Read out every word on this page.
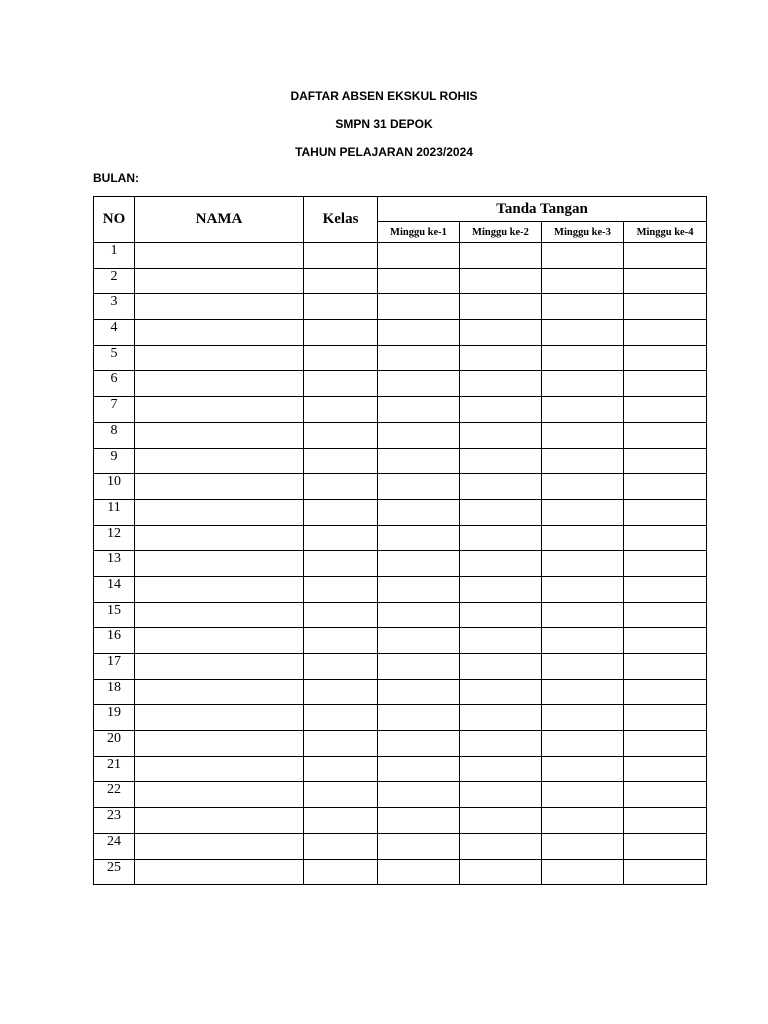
DAFTAR ABSEN EKSKUL ROHIS
SMPN 31 DEPOK
TAHUN PELAJARAN 2023/2024
BULAN:
NO	NAMA	Kelas	Tanda Tangan			
			Minggu ke-1	Minggu ke-2	Minggu ke-3	Minggu ke-4
1						
2						
3						
4						
5						
6						
7						
8						
9						
10						
11						
12						
13						
14						
15						
16						
17						
18						
19						
20						
21						
22						
23						
24						
25						
